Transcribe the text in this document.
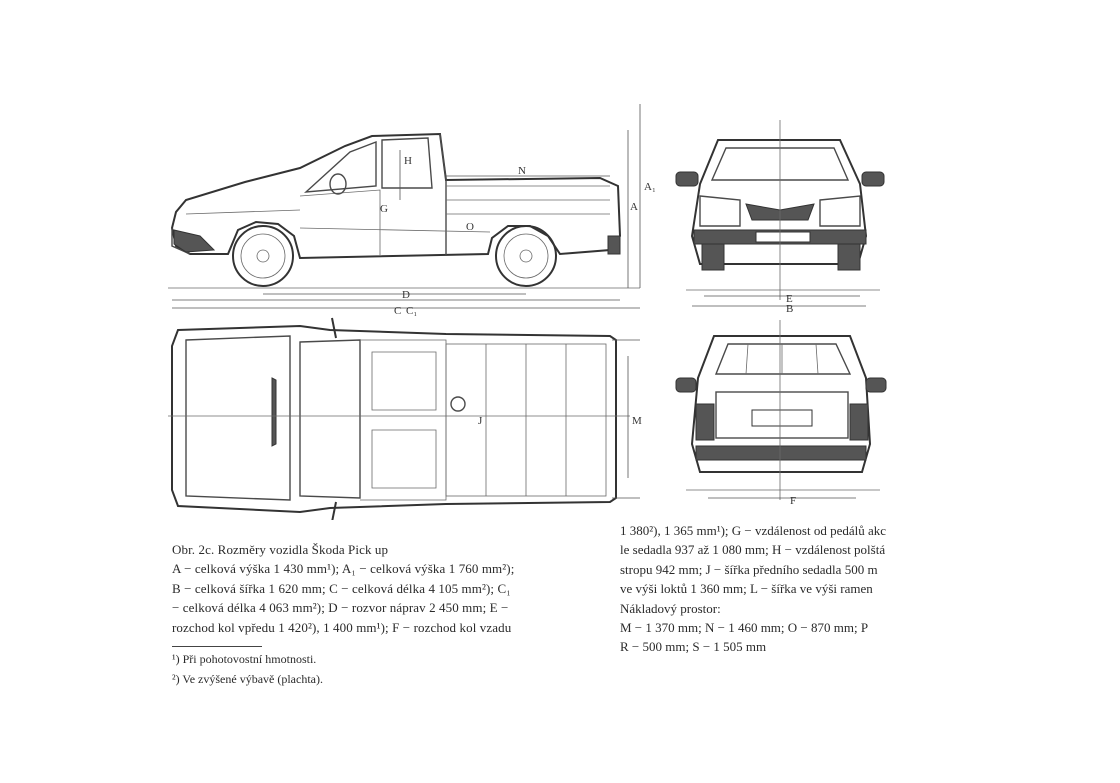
D
C C₁
A₁
A
N
O
H
G
E
B
M
J
F

Obr. 2c. Rozměry vozidla Škoda Pick up

A − celková výška 1 430 mm¹); A₁ − celková výška 1 760 mm²);

B − celková šířka 1 620 mm; C − celková délka 4 105 mm²); C₁

− celková délka 4 063 mm²); D − rozvor náprav 2 450 mm; E −

rozchod kol vpředu 1 420²), 1 400 mm¹); F − rozchod kol vzadu

1 380²), 1 365 mm¹); G − vzdálenost od pedálů akc

le sedadla 937 až 1 080 mm; H − vzdálenost polštá

stropu 942 mm; J − šířka předního sedadla 500 m

ve výši loktů 1 360 mm; L − šířka ve výši ramen

Nákladový prostor:

M − 1 370 mm; N − 1 460 mm; O − 870 mm; P

R − 500 mm; S − 1 505 mm

¹) Při pohotovostní hmotnosti.

²) Ve zvýšené výbavě (plachta).
